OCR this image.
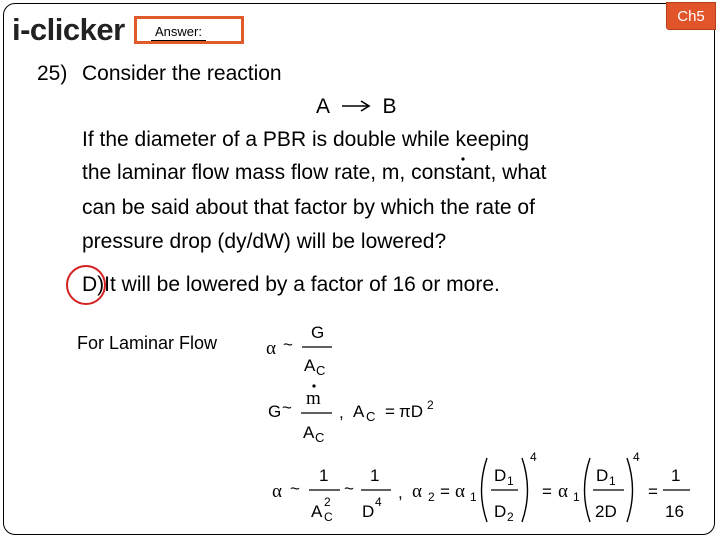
i-clicker	Answer:
Ch5
25) Consider the reaction
A → B
If the diameter of a PBR is double while keeping
the laminar flow mass flow rate, m, constant, what
can be said about that factor by which the rate of
pressure drop (dy/dW) will be lowered?
D)It will be lowered by a factor of 16 or more.
For Laminar Flow	α ~
G
A C
G ~ m
A C
, A C = πD 2
α ~
1
A C
2
~
1
D 4 , α 2 = α 1
D 1
D 2
4
= α 1
D 1
2D
4
=
1
16
